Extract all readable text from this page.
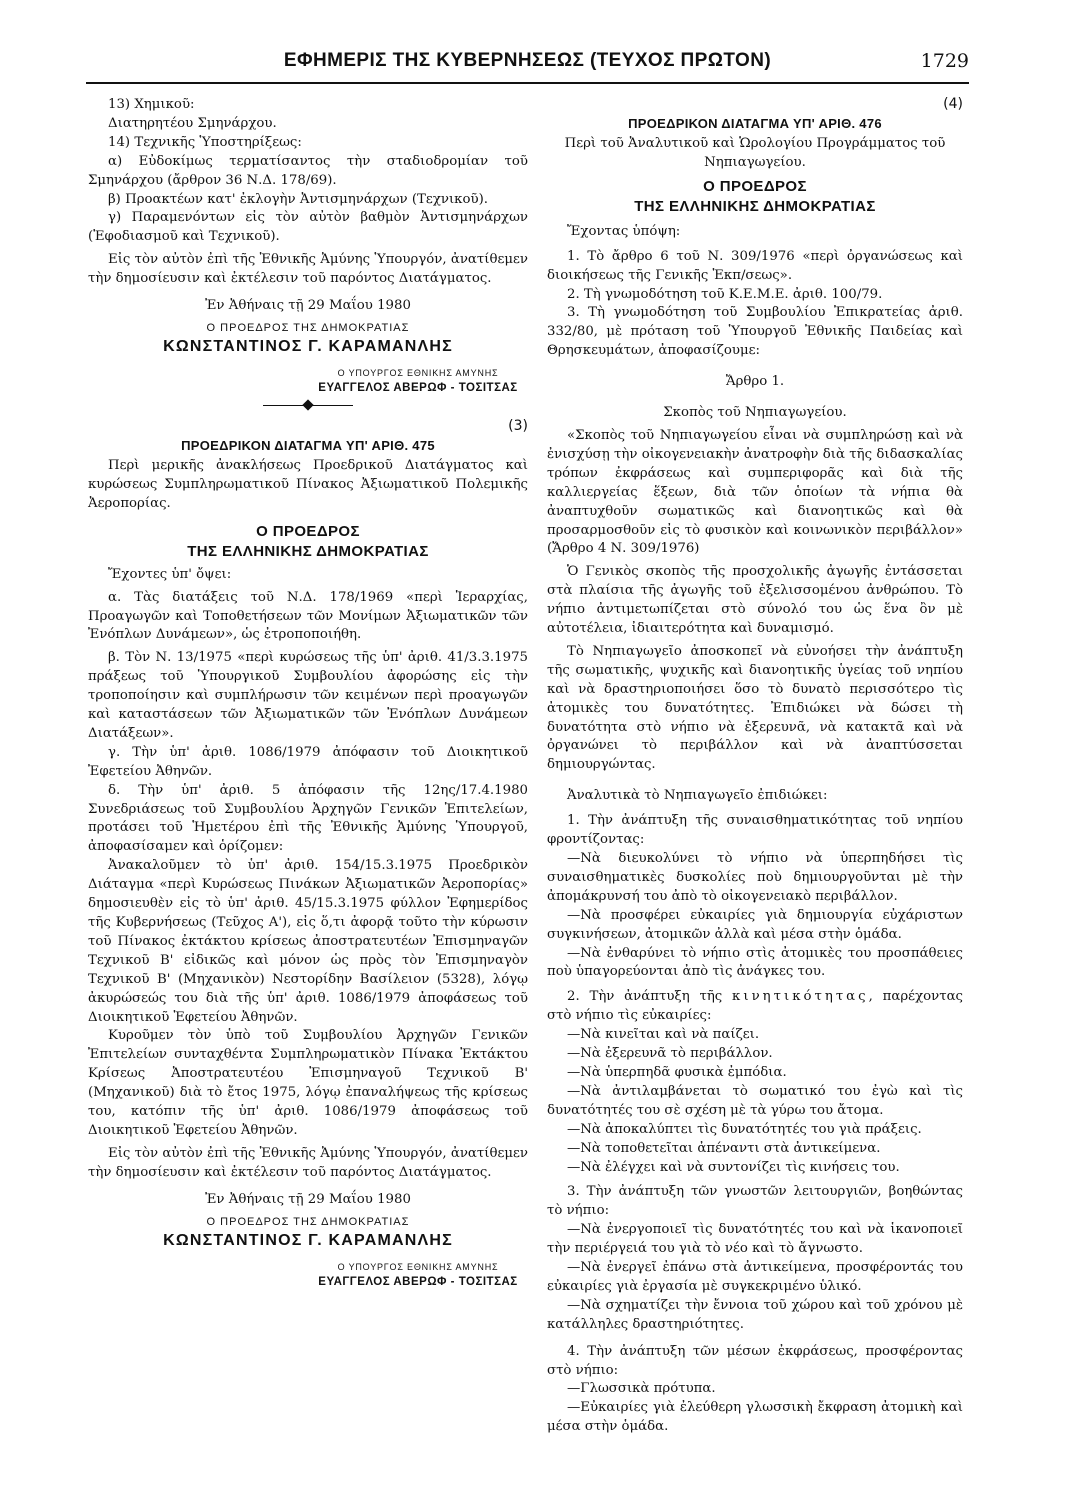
ΕΦΗΜΕΡΙΣ ΤΗΣ ΚΥΒΕΡΝΗΣΕΩΣ (ΤΕΥΧΟΣ ΠΡΩΤΟΝ)	1729

13) Χημικοῦ:

Διατηρητέου Σμηνάρχου.

14) Τεχνικῆς Ὑποστηρίξεως:

α) Εὐδοκίμως τερματίσαντος τὴν σταδιοδρομίαν τοῦ Σμηνάρχου (ἄρθρον 36 Ν.Δ. 178/69).

β) Προακτέων κατ' ἐκλογὴν Ἀντισμηνάρχων (Τεχνικοῦ).

γ) Παραμενόντων εἰς τὸν αὐτὸν βαθμὸν Ἀντισμηνάρχων (Ἐφοδιασμοῦ καὶ Τεχνικοῦ).

Εἰς τὸν αὐτὸν ἐπὶ τῆς Ἐθνικῆς Ἀμύνης Ὑπουργόν, ἀνατίθεμεν τὴν δημοσίευσιν καὶ ἐκτέλεσιν τοῦ παρόντος Διατάγματος.

Ἐν Ἀθήναις τῇ 29 Μαΐου 1980

Ο ΠΡΟΕΔΡΟΣ ΤΗΣ ΔΗΜΟΚΡΑΤΙΑΣ
ΚΩΝΣΤΑΝΤΙΝΟΣ Γ. ΚΑΡΑΜΑΝΛΗΣ
Ο ΥΠΟΥΡΓΟΣ ΕΘΝΙΚΗΣ ΑΜΥΝΗΣ
ΕΥΑΓΓΕΛΟΣ ΑΒΕΡΩΦ - ΤΟΣΙΤΣΑΣ
(3)
ΠΡΟΕΔΡΙΚΟΝ ΔΙΑΤΑΓΜΑ ΥΠ' ΑΡΙΘ. 475

Περὶ μερικῆς ἀνακλήσεως Προεδρικοῦ Διατάγματος καὶ κυρώσεως Συμπληρωματικοῦ Πίνακος Ἀξιωματικοῦ Πολεμικῆς Ἀεροπορίας.

Ο ΠΡΟΕΔΡΟΣ
ΤΗΣ ΕΛΛΗΝΙΚΗΣ ΔΗΜΟΚΡΑΤΙΑΣ

Ἔχοντες ὑπ' ὄψει:

α. Τὰς διατάξεις τοῦ Ν.Δ. 178/1969 «περὶ Ἱεραρχίας, Προαγωγῶν καὶ Τοποθετήσεων τῶν Μονίμων Ἀξιωματικῶν τῶν Ἐνόπλων Δυνάμεων», ὡς ἐτροποποιήθη.

β. Τὸν Ν. 13/1975 «περὶ κυρώσεως τῆς ὑπ' ἀριθ. 41/3.3.1975 πράξεως τοῦ Ὑπουργικοῦ Συμβουλίου ἀφορώσης εἰς τὴν τροποποίησιν καὶ συμπλήρωσιν τῶν κειμένων περὶ προαγωγῶν καὶ καταστάσεων τῶν Ἀξιωματικῶν τῶν Ἐνόπλων Δυνάμεων Διατάξεων».

γ. Τὴν ὑπ' ἀριθ. 1086/1979 ἀπόφασιν τοῦ Διοικητικοῦ Ἐφετείου Ἀθηνῶν.

δ. Τὴν ὑπ' ἀριθ. 5 ἀπόφασιν τῆς 12ης/17.4.1980 Συνεδριάσεως τοῦ Συμβουλίου Ἀρχηγῶν Γενικῶν Ἐπιτελείων, προτάσει τοῦ Ἡμετέρου ἐπὶ τῆς Ἐθνικῆς Ἀμύνης Ὑπουργοῦ, ἀποφασίσαμεν καὶ ὁρίζομεν:

Ἀνακαλοῦμεν τὸ ὑπ' ἀριθ. 154/15.3.1975 Προεδρικὸν Διάταγμα «περὶ Κυρώσεως Πινάκων Ἀξιωματικῶν Ἀεροπορίας» δημοσιευθὲν εἰς τὸ ὑπ' ἀριθ. 45/15.3.1975 φύλλον Ἐφημερίδος τῆς Κυβερνήσεως (Τεῦχος Α'), εἰς ὅ,τι ἀφορᾷ τοῦτο τὴν κύρωσιν τοῦ Πίνακος ἐκτάκτου κρίσεως ἀποστρατευτέων Ἐπισμηναγῶν Τεχνικοῦ Β' εἰδικῶς καὶ μόνον ὡς πρὸς τὸν Ἐπισμηναγὸν Τεχνικοῦ Β' (Μηχανικὸν) Νεστορίδην Βασίλειον (5328), λόγῳ ἀκυρώσεώς του διὰ τῆς ὑπ' ἀριθ. 1086/1979 ἀποφάσεως τοῦ Διοικητικοῦ Ἐφετείου Ἀθηνῶν.

Κυροῦμεν τὸν ὑπὸ τοῦ Συμβουλίου Ἀρχηγῶν Γενικῶν Ἐπιτελείων συνταχθέντα Συμπληρωματικὸν Πίνακα Ἐκτάκτου Κρίσεως Ἀποστρατευτέου Ἐπισμηναγοῦ Τεχνικοῦ Β' (Μηχανικοῦ) διὰ τὸ ἔτος 1975, λόγῳ ἐπαναλήψεως τῆς κρίσεως του, κατόπιν τῆς ὑπ' ἀριθ. 1086/1979 ἀποφάσεως τοῦ Διοικητικοῦ Ἐφετείου Ἀθηνῶν.

Εἰς τὸν αὐτὸν ἐπὶ τῆς Ἐθνικῆς Ἀμύνης Ὑπουργόν, ἀνατίθεμεν τὴν δημοσίευσιν καὶ ἐκτέλεσιν τοῦ παρόντος Διατάγματος.

Ἐν Ἀθήναις τῇ 29 Μαΐου 1980

Ο ΠΡΟΕΔΡΟΣ ΤΗΣ ΔΗΜΟΚΡΑΤΙΑΣ
ΚΩΝΣΤΑΝΤΙΝΟΣ Γ. ΚΑΡΑΜΑΝΛΗΣ
Ο ΥΠΟΥΡΓΟΣ ΕΘΝΙΚΗΣ ΑΜΥΝΗΣ
ΕΥΑΓΓΕΛΟΣ ΑΒΕΡΩΦ - ΤΟΣΙΤΣΑΣ
(4)
ΠΡΟΕΔΡΙΚΟΝ ΔΙΑΤΑΓΜΑ ΥΠ' ΑΡΙΘ. 476

Περὶ τοῦ Ἀναλυτικοῦ καὶ Ὡρολογίου Προγράμματος τοῦ Νηπιαγωγείου.

Ο ΠΡΟΕΔΡΟΣ
ΤΗΣ ΕΛΛΗΝΙΚΗΣ ΔΗΜΟΚΡΑΤΙΑΣ

Ἔχοντας ὑπόψη:

1. Τὸ ἄρθρο 6 τοῦ Ν. 309/1976 «περὶ ὀργανώσεως καὶ διοικήσεως τῆς Γενικῆς Ἐκπ/σεως».

2. Τὴ γνωμοδότηση τοῦ Κ.Ε.Μ.Ε. ἀριθ. 100/79.

3. Τὴ γνωμοδότηση τοῦ Συμβουλίου Ἐπικρατείας ἀριθ. 332/80, μὲ πρόταση τοῦ Ὑπουργοῦ Ἐθνικῆς Παιδείας καὶ Θρησκευμάτων, ἀποφασίζουμε:

Ἄρθρο 1.

Σκοπὸς τοῦ Νηπιαγωγείου.

«Σκοπὸς τοῦ Νηπιαγωγείου εἶναι νὰ συμπληρώσῃ καὶ νὰ ἐνισχύσῃ τὴν οἰκογενειακὴν ἀνατροφὴν διὰ τῆς διδασκαλίας τρόπων ἐκφράσεως καὶ συμπεριφορᾶς καὶ διὰ τῆς καλλιεργείας ἕξεων, διὰ τῶν ὁποίων τὰ νήπια θὰ ἀναπτυχθοῦν σωματικῶς καὶ διανοητικῶς καὶ θὰ προσαρμοσθοῦν εἰς τὸ φυσικὸν καὶ κοινωνικὸν περιβάλλον» (Ἄρθρο 4 Ν. 309/1976)

Ὁ Γενικὸς σκοπὸς τῆς προσχολικῆς ἀγωγῆς ἐντάσσεται στὰ πλαίσια τῆς ἀγωγῆς τοῦ ἐξελισσομένου ἀνθρώπου. Τὸ νήπιο ἀντιμετωπίζεται στὸ σύνολό του ὡς ἕνα ὂν μὲ αὐτοτέλεια, ἰδιαιτερότητα καὶ δυναμισμό.

Τὸ Νηπιαγωγεῖο ἀποσκοπεῖ νὰ εὐνοήσει τὴν ἀνάπτυξη τῆς σωματικῆς, ψυχικῆς καὶ διανοητικῆς ὑγείας τοῦ νηπίου καὶ νὰ δραστηριοποιήσει ὅσο τὸ δυνατὸ περισσότερο τὶς ἀτομικὲς του δυνατότητες. Ἐπιδιώκει νὰ δώσει τὴ δυνατότητα στὸ νήπιο νὰ ἐξερευνᾶ, νὰ κατακτᾶ καὶ νὰ ὀργανώνει τὸ περιβάλλον καὶ νὰ ἀναπτύσσεται δημιουργώντας.

Ἀναλυτικὰ τὸ Νηπιαγωγεῖο ἐπιδιώκει:

1. Τὴν ἀνάπτυξη τῆς συναισθηματικότητας τοῦ νηπίου φροντίζοντας:

—Νὰ διευκολύνει τὸ νήπιο νὰ ὑπερπηδήσει τὶς συναισθηματικὲς δυσκολίες ποὺ δημιουργοῦνται μὲ τὴν ἀπομάκρυνσή του ἀπὸ τὸ οἰκογενειακὸ περιβάλλον.

—Νὰ προσφέρει εὐκαιρίες γιὰ δημιουργία εὐχάριστων συγκινήσεων, ἀτομικῶν ἀλλὰ καὶ μέσα στὴν ὁμάδα.

—Νὰ ἐνθαρύνει τὸ νήπιο στὶς ἀτομικὲς του προσπάθειες ποὺ ὑπαγορεύονται ἀπὸ τὶς ἀνάγκες του.

2. Τὴν ἀνάπτυξη τῆς κινητικότητας, παρέχοντας στὸ νήπιο τὶς εὐκαιρίες:

—Νὰ κινεῖται καὶ νὰ παίζει.

—Νὰ ἐξερευνᾶ τὸ περιβάλλον.

—Νὰ ὑπερπηδᾶ φυσικὰ ἐμπόδια.

—Νὰ ἀντιλαμβάνεται τὸ σωματικό του ἐγὼ καὶ τὶς δυνατότητές του σὲ σχέση μὲ τὰ γύρω του ἄτομα.

—Νὰ ἀποκαλύπτει τὶς δυνατότητές του γιὰ πράξεις.

—Νὰ τοποθετεῖται ἀπέναντι στὰ ἀντικείμενα.

—Νὰ ἐλέγχει καὶ νὰ συντονίζει τὶς κινήσεις του.

3. Τὴν ἀνάπτυξη τῶν γνωστῶν λειτουργιῶν, βοηθώντας τὸ νήπιο:

—Νὰ ἐνεργοποιεῖ τὶς δυνατότητές του καὶ νὰ ἱκανοποιεῖ τὴν περιέργειά του γιὰ τὸ νέο καὶ τὸ ἄγνωστο.

—Νὰ ἐνεργεῖ ἐπάνω στὰ ἀντικείμενα, προσφέροντάς του εὐκαιρίες γιὰ ἐργασία μὲ συγκεκριμένο ὑλικό.

—Νὰ σχηματίζει τὴν ἔννοια τοῦ χώρου καὶ τοῦ χρόνου μὲ κατάλληλες δραστηριότητες.

4. Τὴν ἀνάπτυξη τῶν μέσων ἐκφράσεως, προσφέροντας στὸ νήπιο:

—Γλωσσικὰ πρότυπα.

—Εὐκαιρίες γιὰ ἐλεύθερη γλωσσικὴ ἔκφραση ἀτομικὴ καὶ μέσα στὴν ὁμάδα.
